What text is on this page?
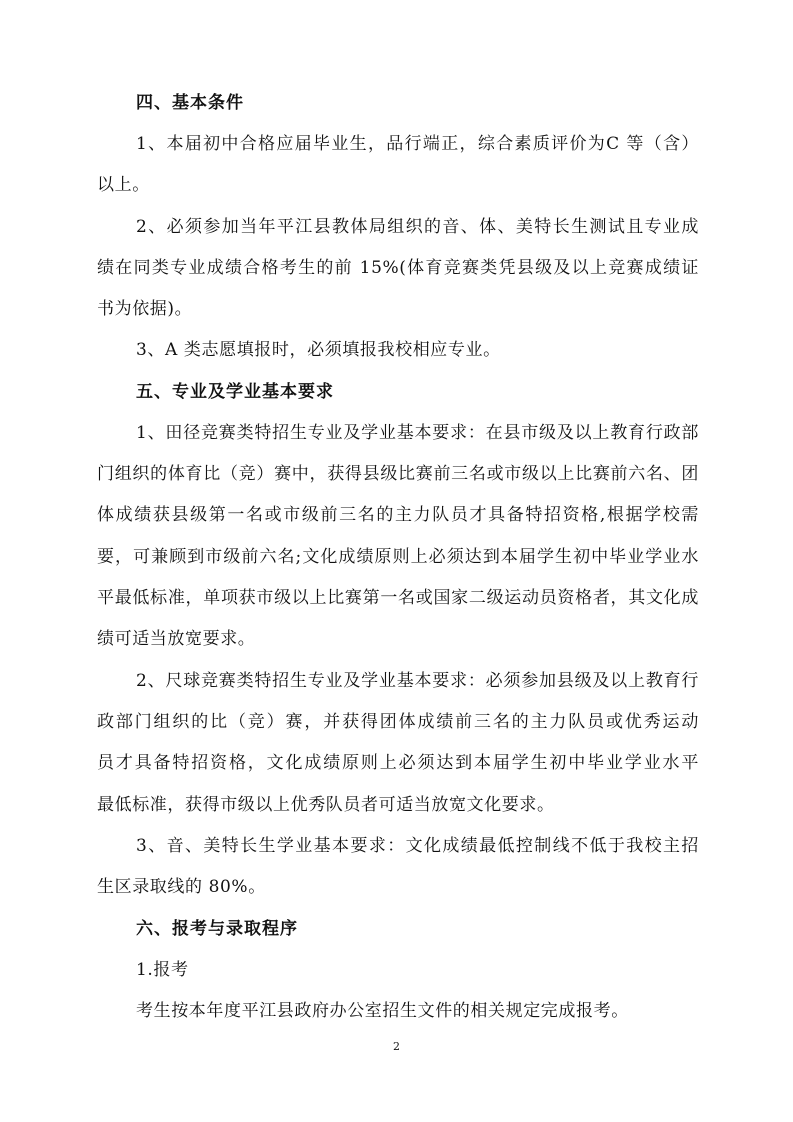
四、基本条件
1、本届初中合格应届毕业生，品行端正，综合素质评价为C 等（含）
以上。
2、必须参加当年平江县教体局组织的音、体、美特长生测试且专业成
绩在同类专业成绩合格考生的前 15%(体育竞赛类凭县级及以上竞赛成绩证
书为依据)。
3、A 类志愿填报时，必须填报我校相应专业。
五、专业及学业基本要求
1、田径竞赛类特招生专业及学业基本要求：在县市级及以上教育行政部
门组织的体育比（竞）赛中，获得县级比赛前三名或市级以上比赛前六名、团
体成绩获县级第一名或市级前三名的主力队员才具备特招资格,根据学校需
要，可兼顾到市级前六名;文化成绩原则上必须达到本届学生初中毕业学业水
平最低标准，单项获市级以上比赛第一名或国家二级运动员资格者，其文化成
绩可适当放宽要求。
2、尺球竞赛类特招生专业及学业基本要求：必须参加县级及以上教育行
政部门组织的比（竞）赛，并获得团体成绩前三名的主力队员或优秀运动
员才具备特招资格，文化成绩原则上必须达到本届学生初中毕业学业水平
最低标准，获得市级以上优秀队员者可适当放宽文化要求。
3、音、美特长生学业基本要求：文化成绩最低控制线不低于我校主招
生区录取线的 80%。
六、报考与录取程序
1.报考
考生按本年度平江县政府办公室招生文件的相关规定完成报考。
2
